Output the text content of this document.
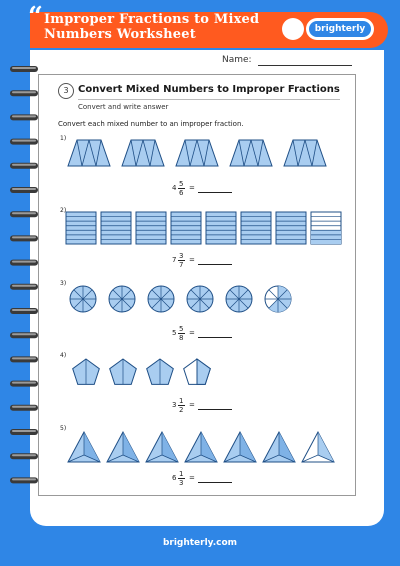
“ Improper Fractions to Mixed Numbers Worksheet	brighterly
Name:
3 Convert Mixed Numbers to Improper Fractions
Convert and write answer
Convert each mixed number to an improper fraction.
1)
2)
3)
4)
5)
4 5
6
=
7 3
7
=
5 5
8
=
3 1
2
=
6 1
3
=
brighterly.com
